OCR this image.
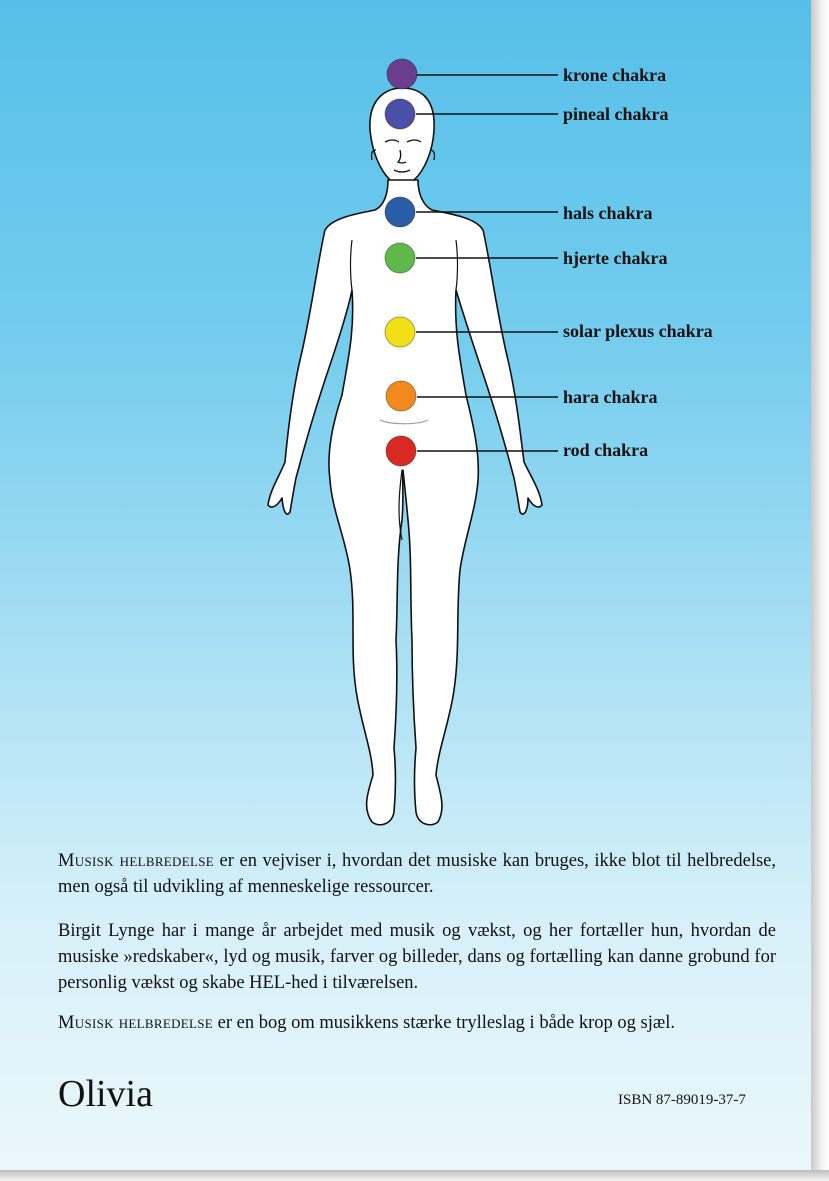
krone chakra
pineal chakra
hals chakra
hjerte chakra
solar plexus chakra
hara chakra
rod chakra

Musisk helbredelse er en vejviser i, hvordan det musiske kan bruges, ikke blot til helbredelse, men også til udvikling af menneskelige ressourcer.

Birgit Lynge har i mange år arbejdet med musik og vækst, og her fortæller hun, hvordan de musiske »redskaber«, lyd og musik, farver og billeder, dans og fortælling kan danne grobund for personlig vækst og skabe HEL-hed i tilværelsen.

Musisk helbredelse er en bog om musikkens stærke trylleslag i både krop og sjæl.

Olivia	ISBN 87-89019-37-7
